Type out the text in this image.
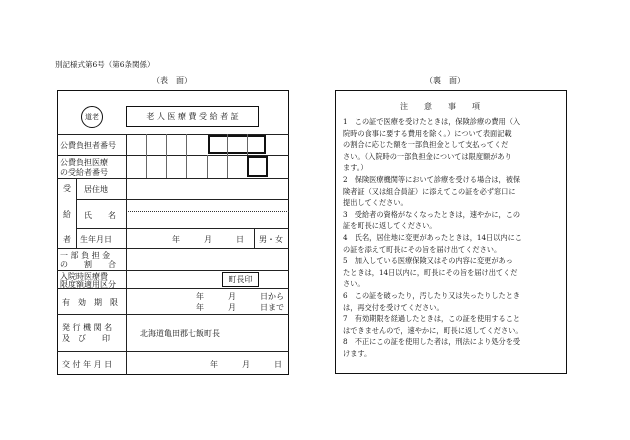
別記様式第6号（第6条関係）
（表　面）	（裏　面）
道老	老 人 医 療 費 受 給 者 証
公費負担者番号
公費負担医療
の受給者番号
受
給
者
居住地
氏　　名
生年月日	年　　　月　　　日 男・女
一 部 負 担 金
の　　割　　合
入院時医療費
限度額適用区分
町長印
有　効　期　限
年　　　月　　　日から
年　　　月　　　日まで
発 行 機 関 名
及　び　　印
北海道亀田郡七飯町長
交 付 年 月 日	年　　　月　　　日
注　　意　　事　　項

1　この証で医療を受けたときは，保険診療の費用（入

院時の食事に要する費用を除く。）について表面記載

の割合に応じた額を一部負担金として支払ってくだ

さい。（入院時の一部負担金については限度額があり

ます。）

2　保険医療機関等において診療を受ける場合は，被保

険者証（又は組合員証）に添えてこの証を必ず窓口に

提出してください。

3　受給者の資格がなくなったときは，速やかに，この

証を町長に返してください。

4　氏名，居住地に変更があったときは，14日以内にこ

の証を添えて町長にその旨を届け出てください。

5　加入している医療保険又はその内容に変更があっ

たときは，14日以内に，町長にその旨を届け出てくだ

さい。

6　この証を破ったり，汚したり又は失ったりしたとき

は，再交付を受けてください。

7　有効期限を経過したときは，この証を使用すること

はできませんので，速やかに，町長に返してください。

8　不正にこの証を使用した者は，刑法により処分を受

けます。
